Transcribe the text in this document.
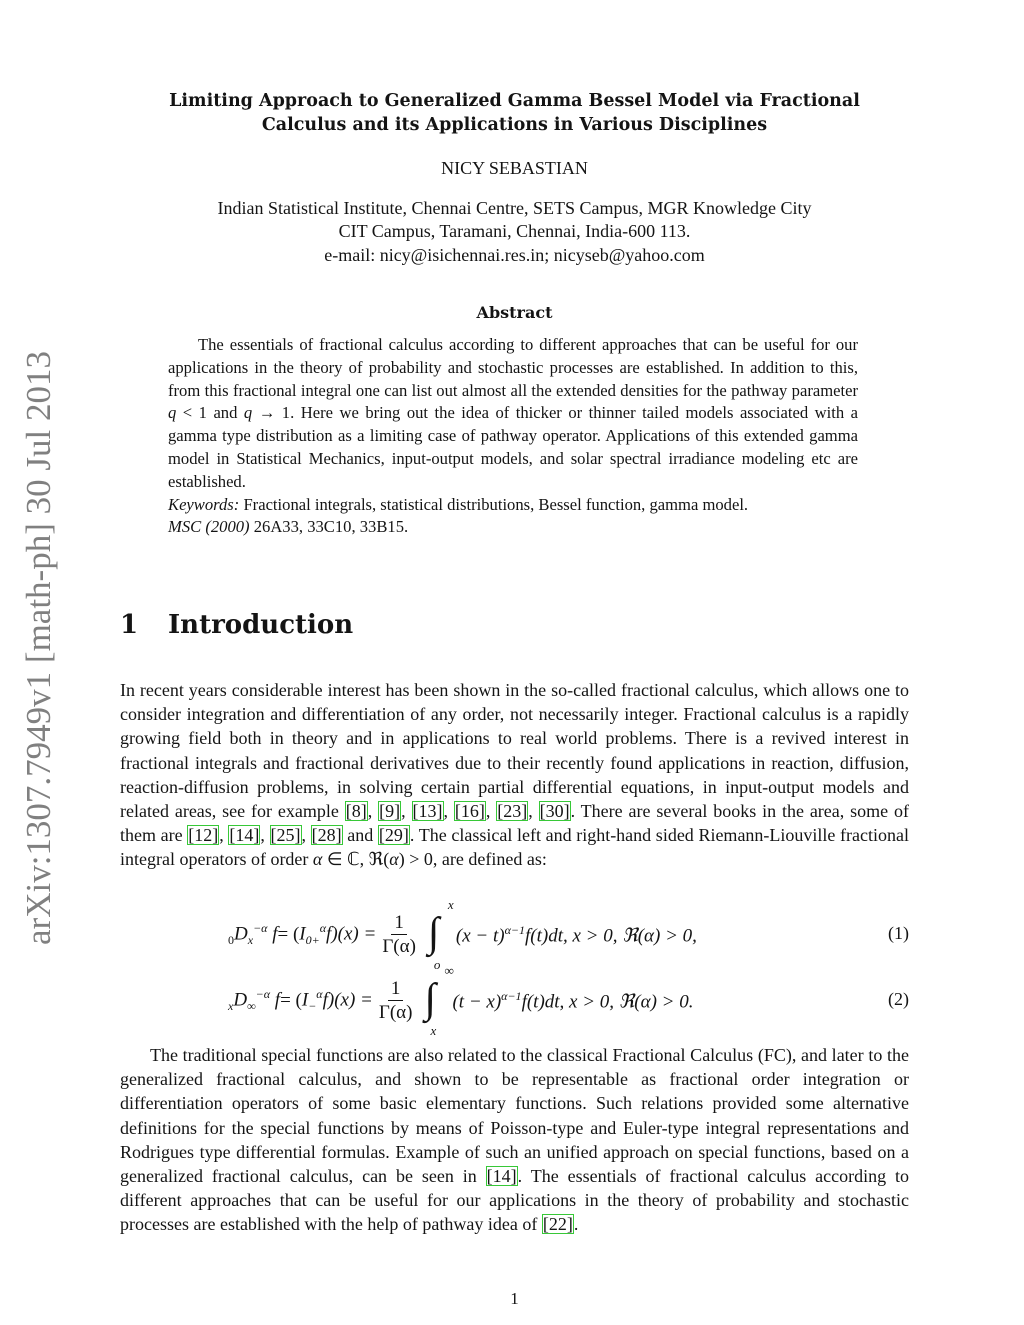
arXiv:1307.7949v1 [math-ph] 30 Jul 2013
Limiting Approach to Generalized Gamma Bessel Model via Fractional
Calculus and its Applications in Various Disciplines
NICY SEBASTIAN
Indian Statistical Institute, Chennai Centre, SETS Campus, MGR Knowledge City
CIT Campus, Taramani, Chennai, India-600 113.
e-mail: nicy@isichennai.res.in; nicyseb@yahoo.com
Abstract

The essentials of fractional calculus according to different approaches that can be useful for our applications in the theory of probability and stochastic processes are established. In addition to this, from this fractional integral one can list out almost all the extended densities for the pathway parameter q < 1 and q → 1. Here we bring out the idea of thicker or thinner tailed models associated with a gamma type distribution as a limiting case of pathway operator. Applications of this extended gamma model in Statistical Mechanics, input-output models, and solar spectral irradiance modeling etc are established.

Keywords: Fractional integrals, statistical distributions, Bessel function, gamma model.

MSC (2000) 26A33, 33C10, 33B15.

1 Introduction

In recent years considerable interest has been shown in the so-called fractional calculus, which allows one to consider integration and differentiation of any order, not necessarily integer. Fractional calculus is a rapidly growing field both in theory and in applications to real world problems. There is a revived interest in fractional integrals and fractional derivatives due to their recently found applications in reaction, diffusion, reaction-diffusion problems, in solving certain partial differential equations, in input-output models and related areas, see for example [8], [9], [13], [16], [23], [30]. There are several books in the area, some of them are [12], [14], [25], [28] and [29]. The classical left and right-hand sided Riemann-Liouville fractional integral operators of order α ∈ ℂ, ℜ(α) > 0, are defined as:

$_0D_x^{-\alpha}$ f = ( $I_{0+}^\alpha f)(x) = \frac{1}{\Gamma(\alpha)}$ ∫
x
o
$(x - t)^{\alpha-1}f(t)dt$, x > 0, ℜ(α) > 0,	(1)
$_xD_\infty^{-\alpha}$ f = ( $I_-^\alpha f)(x) = \frac{1}{\Gamma(\alpha)}$ ∫
∞
x
$(t - x)^{\alpha-1}f(t)dt$, x > 0, ℜ(α) > 0.	(2)

The traditional special functions are also related to the classical Fractional Calculus (FC), and later to the generalized fractional calculus, and shown to be representable as fractional order integration or differentiation operators of some basic elementary functions. Such relations provided some alternative definitions for the special functions by means of Poisson-type and Euler-type integral representations and Rodrigues type differential formulas. Example of such an unified approach on special functions, based on a generalized fractional calculus, can be seen in [14]. The essentials of fractional calculus according to different approaches that can be useful for our applications in the theory of probability and stochastic processes are established with the help of pathway idea of [22].

1
